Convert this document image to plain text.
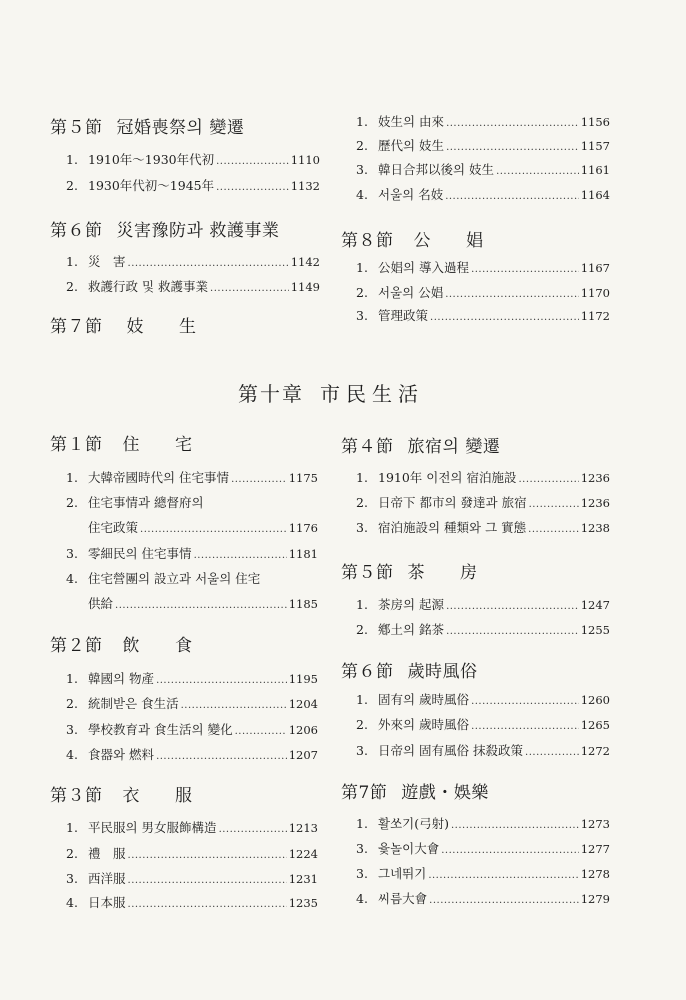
第５節 冠婚喪祭의 變遷
1. 1910年〜1930年代初 .....	1110
2. 1930年代初〜1945年 .....	1132
第６節 災害豫防과 救護事業
1. 災　害 .....	1142
2. 救護行政 및 救護事業 .....	1149
第７節 妓　　生
1. 妓生의 由來 .....	1156
2. 歷代의 妓生 .....	1157
3. 韓日合邦以後의 妓生 .....	1161
4. 서울의 名妓 .....	1164
第８節 公　　娼
1. 公娼의 導入過程 .....	1167
2. 서울의 公娼 .....	1170
3. 管理政策 .....	1172
第十章 市民生活
第１節 住　　宅
1. 大韓帝國時代의 住宅事情 .....	1175
2. 住宅事情과 總督府의
住宅政策 .....	1176
3. 零細民의 住宅事情 .....	1181
4. 住宅營團의 設立과 서울의 住宅
供給 .....	1185
第２節 飲　　食
1. 韓國의 物產 .....	1195
2. 統制받은 食生活 .....	1204
3. 學校教育과 食生活의 變化 .....	1206
4. 食器와 燃料 .....	1207
第３節 衣　　服
1. 平民服의 男女服飾構造 .....	1213
2. 禮　服 .....	1224
3. 西洋服 .....	1231
4. 日本服 .....	1235
第４節 旅宿의 變遷
1. 1910年 이전의 宿泊施設 .....	1236
2. 日帝下 都市의 發達과 旅宿 .....	1236
3. 宿泊施設의 種類와 그 實態 .....	1238
第５節 茶　　房
1. 茶房의 起源 .....	1247
2. 鄕土의 銘茶 .....	1255
第６節 歲時風俗
1. 固有의 歲時風俗 .....	1260
2. 外來의 歲時風俗 .....	1265
3. 日帝의 固有風俗 抹殺政策 .....	1272
第7節 遊戲・娛樂
1. 활쏘기(弓射) .....	1273
3. 윷놀이大會 .....	1277
3. 그네뛰기 .....	1278
4. 씨름大會 .....	1279
